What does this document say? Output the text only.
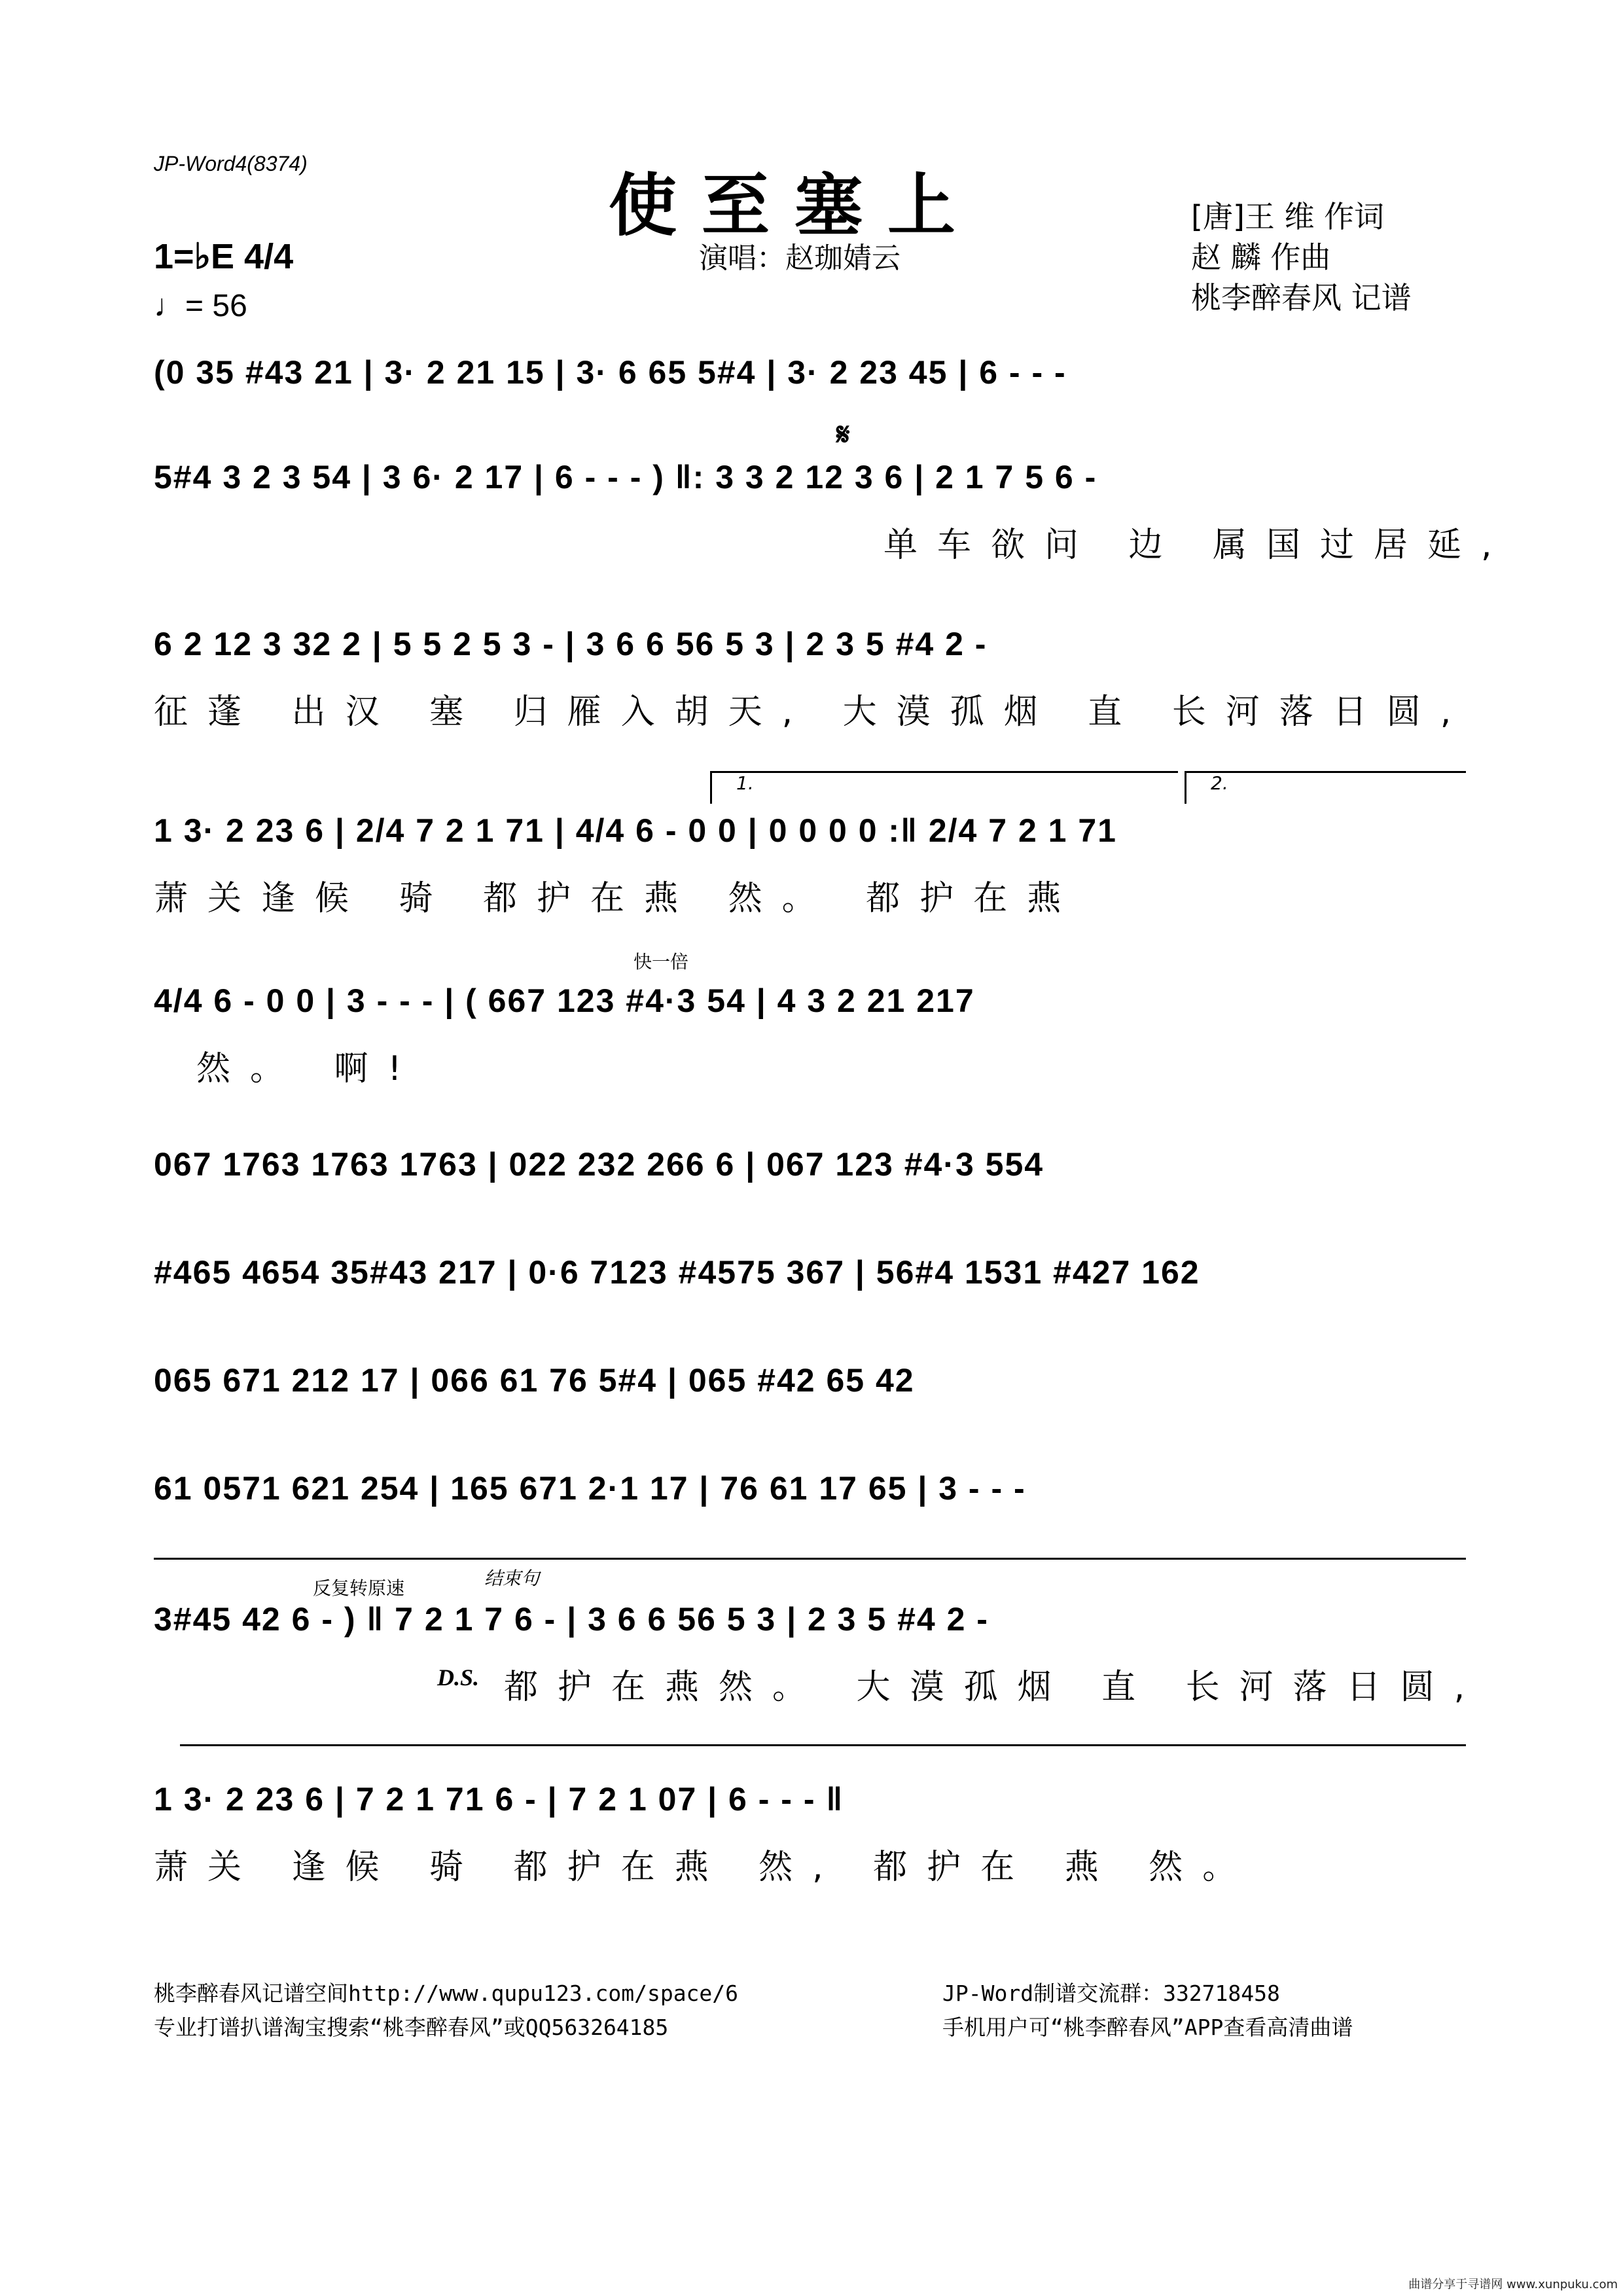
JP-Word4(8374)
使至塞上
演唱：赵珈婧云
[唐]王 维 作词
赵 麟 作曲
桃李醉春风 记谱
1=♭E 4/4
♩= 56
(0 35 #43 21 | 3· 2 21 15 | 3· 6 65 5#4 | 3· 2 23 45 | 6 - - -
𝄋
5#4 3 2 3 54 | 3 6· 2 17 | 6 - - - ) ‖: 3 3 2 12 3 6 | 2 1 7 5 6 -
单车欲问 边 属国过居延,
6 2 12 3 32 2 | 5 5 2 5 3 - | 3 6 6 56 5 3 | 2 3 5 #4 2 -
征蓬 出汉 塞 归雁入胡天, 大漠孤烟 直 长河落日圆,
1.	2.
1 3· 2 23 6 | 2/4 7 2 1 71 | 4/4 6 - 0 0 | 0 0 0 0 :‖ 2/4 7 2 1 71
萧关逢候 骑 都护在燕 然。 都护在燕
快一倍
4/4 6 - 0 0 | 3 - - - | ( 667 123 #4·3 54 | 4 3 2 21 217
然。 啊!
067 1763 1763 1763 | 022 232 266 6 | 067 123 #4·3 554
#465 4654 35#43 217 | 0·6 7123 #4575 367 | 56#4 1531 #427 162
065 671 212 17 | 066 61 76 5#4 | 065 #42 65 42
61 0571 621 254 | 165 671 2·1 17 | 76 61 17 65 | 3 - - -
反复转原速	结束句
3#45 42 6 - ) ‖ 7 2 1 7 6 - | 3 6 6 56 5 3 | 2 3 5 #4 2 -
D.S. 都护在燕然。 大漠孤烟 直 长河落日圆,
1 3· 2 23 6 | 7 2 1 71 6 - | 7 2 1 07 | 6 - - - ‖
萧关 逢候 骑 都护在燕 然, 都护在 燕 然。
桃李醉春风记谱空间http://www.qupu123.com/space/6
专业打谱扒谱淘宝搜索“桃李醉春风”或QQ563264185
JP-Word制谱交流群：332718458
手机用户可“桃李醉春风”APP查看高清曲谱
曲谱分享于寻谱网 www.xunpuku.com
